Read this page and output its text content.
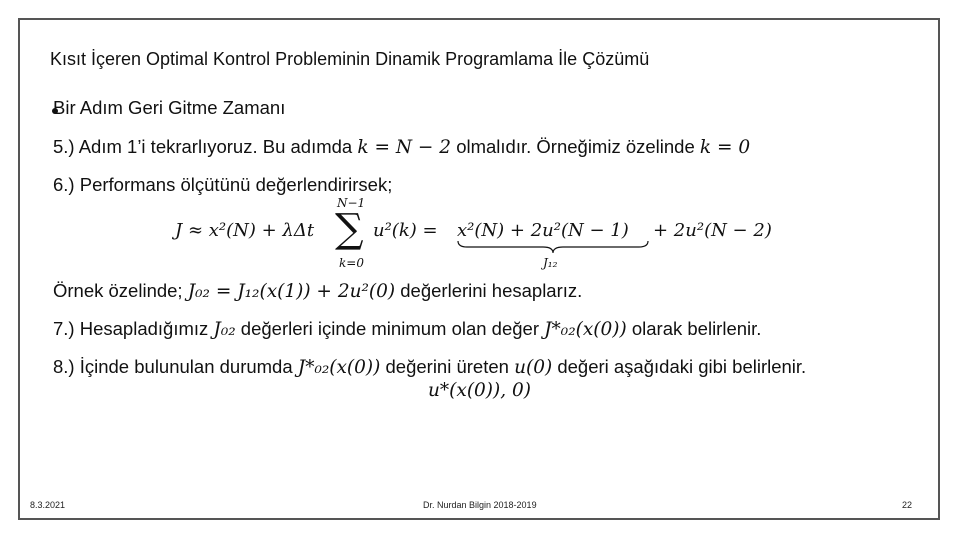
Kısıt İçeren Optimal Kontrol Probleminin Dinamik Programlama İle Çözümü
Bir Adım Geri Gitme Zamanı
5.) Adım 1’i tekrarlıyoruz. Bu adımda k = N − 2 olmalıdır. Örneğimiz özelinde k = 0
6.) Performans ölçütünü değerlendirirsek;
J ≈ x²(N) + λΔt
N−1
∑
k=0
u²(k) = x²(N) + 2u²(N − 1)
J₁₂
+ 2u²(N − 2)
Örnek özelinde; J₀₂ = J₁₂(x(1)) + 2u²(0) değerlerini hesaplarız.
7.) Hesapladığımız J₀₂ değerleri içinde minimum olan değer J*₀₂(x(0)) olarak belirlenir.
8.) İçinde bulunulan durumda J*₀₂(x(0)) değerini üreten u(0) değeri aşağıdaki gibi belirlenir.
u*(x(0)), 0)
8.3.2021	Dr. Nurdan Bilgin 2018-2019	22
